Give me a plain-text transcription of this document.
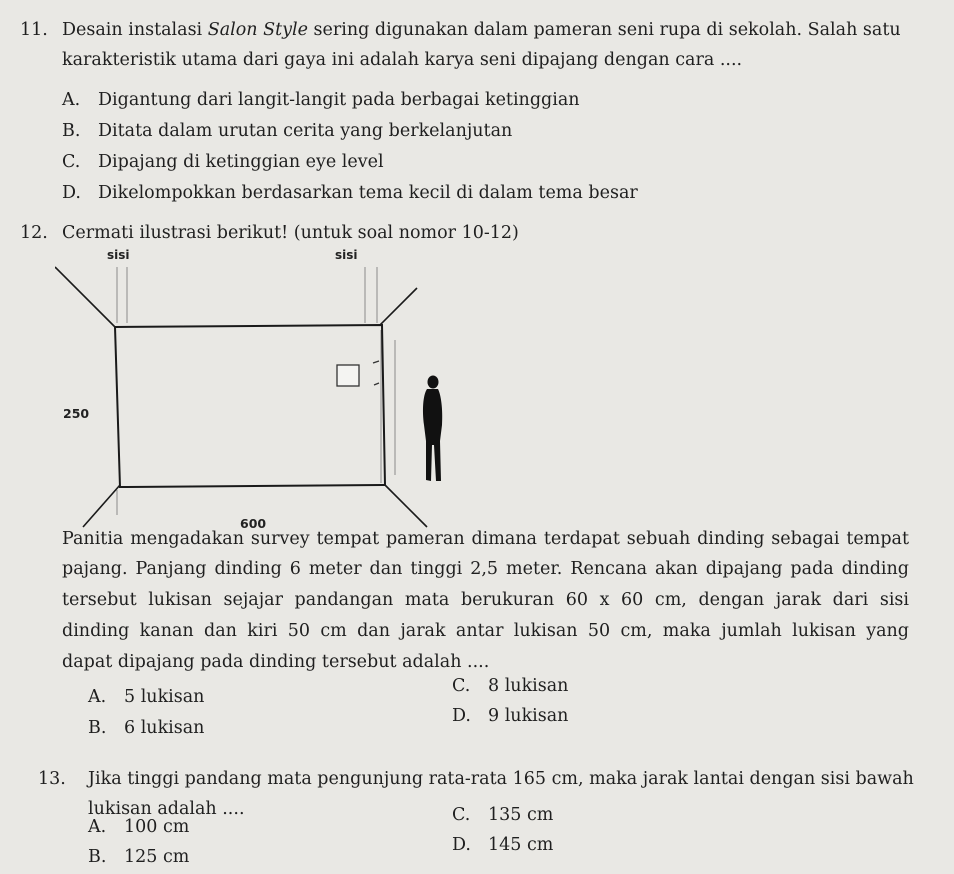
11. Desain instalasi Salon Style sering digunakan dalam pameran seni rupa di sekolah. Salah satu
karakteristik utama dari gaya ini adalah karya seni dipajang dengan cara ....
A. Digantung dari langit-langit pada berbagai ketinggian
B. Ditata dalam urutan cerita yang berkelanjutan
C. Dipajang di ketinggian eye level
D. Dikelompokkan berdasarkan tema kecil di dalam tema besar
12. Cermati ilustrasi berikut! (untuk soal nomor 10-12)
sisi	sisi
250
600
Panitia mengadakan survey tempat pameran dimana terdapat sebuah dinding sebagai tempat
pajang. Panjang dinding 6 meter dan tinggi 2,5 meter. Rencana akan dipajang pada dinding
tersebut lukisan sejajar pandangan mata berukuran 60 x 60 cm, dengan jarak dari sisi
dinding kanan dan kiri 50 cm dan jarak antar lukisan 50 cm, maka jumlah lukisan yang
dapat dipajang pada dinding tersebut adalah ....
A. 5 lukisan
B. 6 lukisan
C. 8 lukisan
D. 9 lukisan
13. Jika tinggi pandang mata pengunjung rata-rata 165 cm, maka jarak lantai dengan sisi bawah
lukisan adalah ....
A. 100 cm
B. 125 cm
C. 135 cm
D. 145 cm
